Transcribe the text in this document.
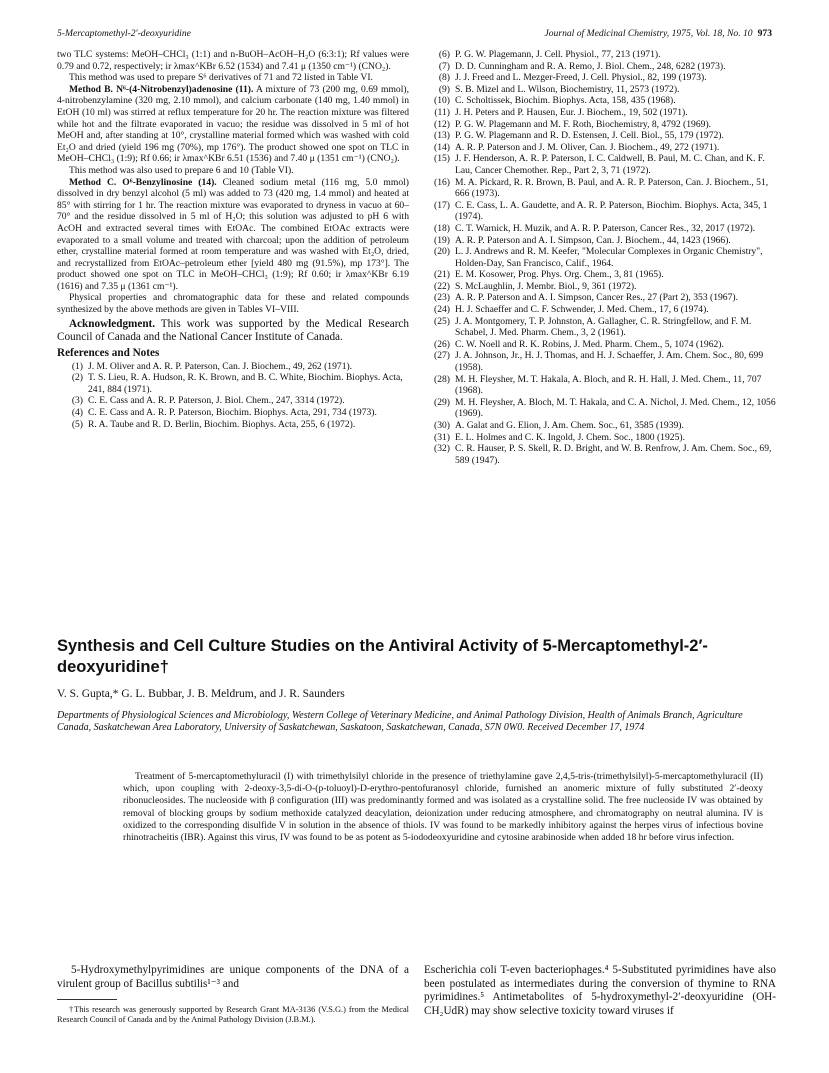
5-Mercaptomethyl-2′-deoxyuridine	Journal of Medicinal Chemistry, 1975, Vol. 18, No. 10 973

two TLC systems: MeOH–CHCl₃ (1:1) and n-BuOH–AcOH–H₂O (6:3:1); Rf values were 0.79 and 0.72, respectively; ir λmax^KBr 6.52 (1534) and 7.41 μ (1350 cm⁻¹) (CNO₂).

This method was used to prepare S⁶ derivatives of 71 and 72 listed in Table VI.

Method B. N⁶-(4-Nitrobenzyl)adenosine (11). A mixture of 73 (200 mg, 0.69 mmol), 4-nitrobenzylamine (320 mg, 2.10 mmol), and calcium carbonate (140 mg, 1.40 mmol) in EtOH (10 ml) was stirred at reflux temperature for 20 hr. The reaction mixture was filtered while hot and the filtrate evaporated in vacuo; the residue was dissolved in 5 ml of hot MeOH and, after standing at 10°, crystalline material formed which was washed with cold Et₂O and dried (yield 196 mg (70%), mp 176°). The product showed one spot on TLC in MeOH–CHCl₃ (1:9); Rf 0.66; ir λmax^KBr 6.51 (1536) and 7.40 μ (1351 cm⁻¹) (CNO₂).

This method was also used to prepare 6 and 10 (Table VI).

Method C. O⁶-Benzylinosine (14). Cleaned sodium metal (116 mg, 5.0 mmol) dissolved in dry benzyl alcohol (5 ml) was added to 73 (420 mg, 1.4 mmol) and heated at 85° with stirring for 1 hr. The reaction mixture was evaporated to dryness in vacuo at 60–70° and the residue dissolved in 5 ml of H₂O; this solution was adjusted to pH 6 with AcOH and extracted several times with EtOAc. The combined EtOAc extracts were evaporated to a small volume and treated with charcoal; upon the addition of petroleum ether, crystalline material formed at room temperature and was washed with Et₂O, dried, and recrystallized from EtOAc–petroleum ether [yield 480 mg (91.5%), mp 173°]. The product showed one spot on TLC in MeOH–CHCl₃ (1:9); Rf 0.60; ir λmax^KBr 6.19 (1616) and 7.35 μ (1361 cm⁻¹).

Physical properties and chromatographic data for these and related compounds synthesized by the above methods are given in Tables VI–VIII.

Acknowledgment. This work was supported by the Medical Research Council of Canada and the National Cancer Institute of Canada.

References and Notes
(1) J. M. Oliver and A. R. P. Paterson, Can. J. Biochem., 49, 262 (1971).
(2) T. S. Lieu, R. A. Hudson, R. K. Brown, and B. C. White, Biochim. Biophys. Acta, 241, 884 (1971).
(3) C. E. Cass and A. R. P. Paterson, J. Biol. Chem., 247, 3314 (1972).
(4) C. E. Cass and A. R. P. Paterson, Biochim. Biophys. Acta, 291, 734 (1973).
(5) R. A. Taube and R. D. Berlin, Biochim. Biophys. Acta, 255, 6 (1972).
(6) P. G. W. Plagemann, J. Cell. Physiol., 77, 213 (1971).
(7) D. D. Cunningham and R. A. Remo, J. Biol. Chem., 248, 6282 (1973).
(8) J. J. Freed and L. Mezger-Freed, J. Cell. Physiol., 82, 199 (1973).
(9) S. B. Mizel and L. Wilson, Biochemistry, 11, 2573 (1972).
(10) C. Scholtissek, Biochim. Biophys. Acta, 158, 435 (1968).
(11) J. H. Peters and P. Hausen, Eur. J. Biochem., 19, 502 (1971).
(12) P. G. W. Plagemann and M. F. Roth, Biochemistry, 8, 4792 (1969).
(13) P. G. W. Plagemann and R. D. Estensen, J. Cell. Biol., 55, 179 (1972).
(14) A. R. P. Paterson and J. M. Oliver, Can. J. Biochem., 49, 272 (1971).
(15) J. F. Henderson, A. R. P. Paterson, I. C. Caldwell, B. Paul, M. C. Chan, and K. F. Lau, Cancer Chemother. Rep., Part 2, 3, 71 (1972).
(16) M. A. Pickard, R. R. Brown, B. Paul, and A. R. P. Paterson, Can. J. Biochem., 51, 666 (1973).
(17) C. E. Cass, L. A. Gaudette, and A. R. P. Paterson, Biochim. Biophys. Acta, 345, 1 (1974).
(18) C. T. Warnick, H. Muzik, and A. R. P. Paterson, Cancer Res., 32, 2017 (1972).
(19) A. R. P. Paterson and A. I. Simpson, Can. J. Biochem., 44, 1423 (1966).
(20) L. J. Andrews and R. M. Keefer, "Molecular Complexes in Organic Chemistry", Holden-Day, San Francisco, Calif., 1964.
(21) E. M. Kosower, Prog. Phys. Org. Chem., 3, 81 (1965).
(22) S. McLaughlin, J. Membr. Biol., 9, 361 (1972).
(23) A. R. P. Paterson and A. I. Simpson, Cancer Res., 27 (Part 2), 353 (1967).
(24) H. J. Schaeffer and C. F. Schwender, J. Med. Chem., 17, 6 (1974).
(25) J. A. Montgomery, T. P. Johnston, A. Gallagher, C. R. Stringfellow, and F. M. Schabel, J. Med. Pharm. Chem., 3, 2 (1961).
(26) C. W. Noell and R. K. Robins, J. Med. Pharm. Chem., 5, 1074 (1962).
(27) J. A. Johnson, Jr., H. J. Thomas, and H. J. Schaeffer, J. Am. Chem. Soc., 80, 699 (1958).
(28) M. H. Fleysher, M. T. Hakala, A. Bloch, and R. H. Hall, J. Med. Chem., 11, 707 (1968).
(29) M. H. Fleysher, A. Bloch, M. T. Hakala, and C. A. Nichol, J. Med. Chem., 12, 1056 (1969).
(30) A. Galat and G. Elion, J. Am. Chem. Soc., 61, 3585 (1939).
(31) E. L. Holmes and C. K. Ingold, J. Chem. Soc., 1800 (1925).
(32) C. R. Hauser, P. S. Skell, R. D. Bright, and W. B. Renfrow, J. Am. Chem. Soc., 69, 589 (1947).
Synthesis and Cell Culture Studies on the Antiviral Activity of 5-Mercaptomethyl-2′-deoxyuridine†
V. S. Gupta,* G. L. Bubbar, J. B. Meldrum, and J. R. Saunders
Departments of Physiological Sciences and Microbiology, Western College of Veterinary Medicine, and Animal Pathology Division, Health of Animals Branch, Agriculture Canada, Saskatchewan Area Laboratory, University of Saskatchewan, Saskatoon, Saskatchewan, Canada, S7N 0W0. Received December 17, 1974
Treatment of 5-mercaptomethyluracil (I) with trimethylsilyl chloride in the presence of triethylamine gave 2,4,5-tris-(trimethylsilyl)-5-mercaptomethyluracil (II) which, upon coupling with 2-deoxy-3,5-di-O-(p-toluoyl)-D-erythro-pentofuranosyl chloride, furnished an anomeric mixture of fully substituted 2′-deoxy ribonucleosides. The nucleoside with β configuration (III) was predominantly formed and was isolated as a crystalline solid. The free nucleoside IV was obtained by removal of blocking groups by sodium methoxide catalyzed deacylation, deionization under reducing atmosphere, and chromatography on neutral alumina. IV is oxidized to the corresponding disulfide V in solution in the absence of thiols. IV was found to be markedly inhibitory against the herpes virus of infectious bovine rhinotracheitis (IBR). Against this virus, IV was found to be as potent as 5-iododeoxyuridine and cytosine arabinoside when added 18 hr before virus infection.
5-Hydroxymethylpyrimidines are unique components of the DNA of a virulent group of Bacillus subtilis¹⁻³ and
†This research was generously supported by Research Grant MA-3136 (V.S.G.) from the Medical Research Council of Canada and by the Animal Pathology Division (J.B.M.).
Escherichia coli T-even bacteriophages.⁴ 5-Substituted pyrimidines have also been postulated as intermediates during the conversion of thymine to RNA pyrimidines.⁵ Antimetabolites of 5-hydroxymethyl-2′-deoxyuridine (OH-CH₂UdR) may show selective toxicity toward viruses if
